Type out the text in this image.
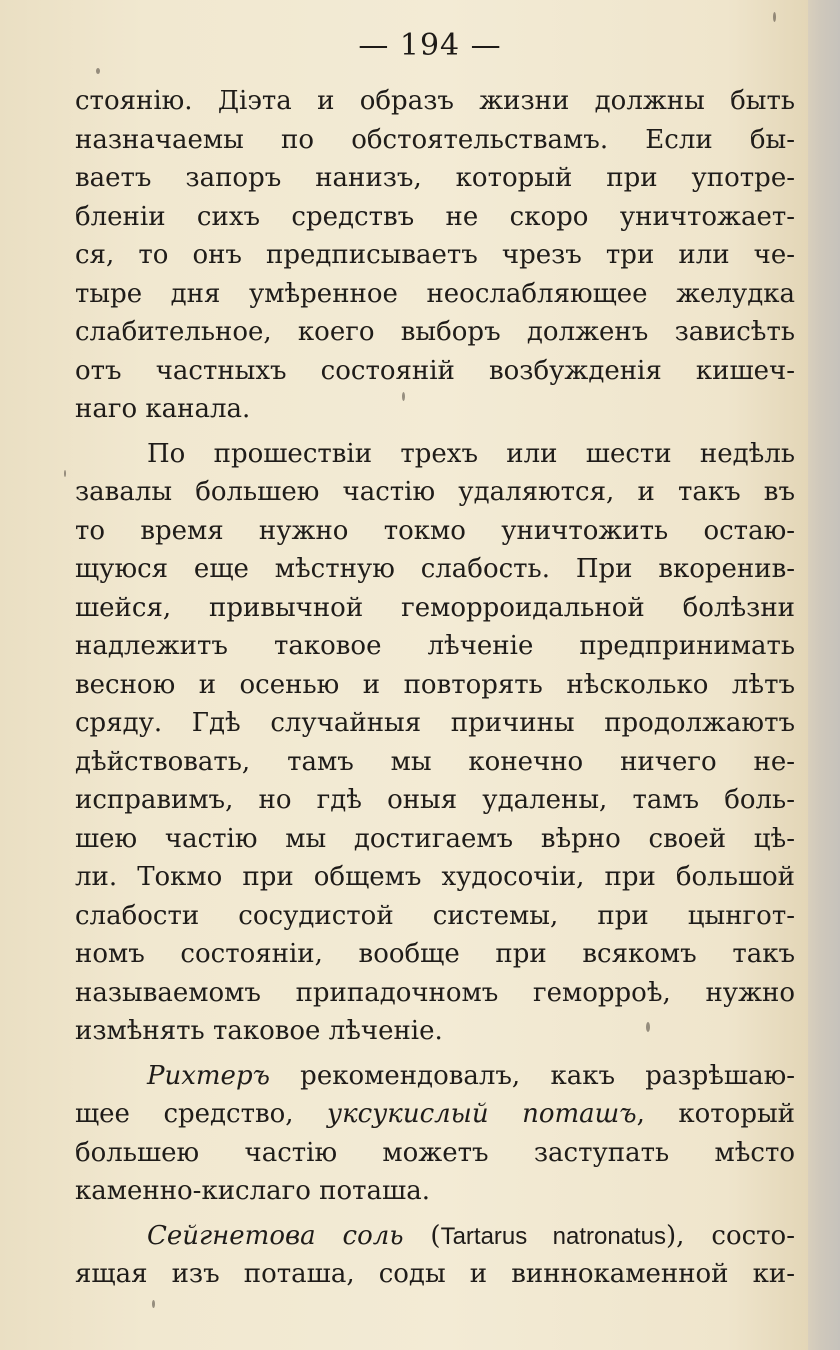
— 194 —
стоянію. Діэта и образъ жизни должны быть
назначаемы по обстоятельствамъ. Если бы-
ваетъ запоръ нанизъ, который при употре-
бленіи сихъ средствъ не скоро уничтожает-
ся, то онъ предписываетъ чрезъ три или че-
тыре дня умѣренное неослабляющее желудка
слабительное, коего выборъ долженъ зависѣть
отъ частныхъ состояній возбужденія кишеч-
наго канала.
По прошествіи трехъ или шести недѣль
завалы большею частію удаляются, и такъ въ
то время нужно токмо уничтожить остаю-
щуюся еще мѣстную слабость. При вкоренив-
шейся, привычной геморроидальной болѣзни
надлежитъ таковое лѣченіе предпринимать
весною и осенью и повторять нѣсколько лѣтъ
сряду. Гдѣ случайныя причины продолжаютъ
дѣйствовать, тамъ мы конечно ничего не-
исправимъ, но гдѣ оныя удалены, тамъ боль-
шею частію мы достигаемъ вѣрно своей цѣ-
ли. Токмо при общемъ худосочіи, при большой
слабости сосудистой системы, при цынгот-
номъ состояніи, вообще при всякомъ такъ
называемомъ припадочномъ геморроѣ, нужно
измѣнять таковое лѣченіе.
Рихтеръ рекомендовалъ, какъ разрѣшаю-
щее средство, уксукислый поташъ, который
большею частію можетъ заступать мѣсто
каменно-кислаго поташа.
Сейгнетова соль (Tartarus natronatus), состо-
ящая изъ поташа, соды и виннокаменной ки-
